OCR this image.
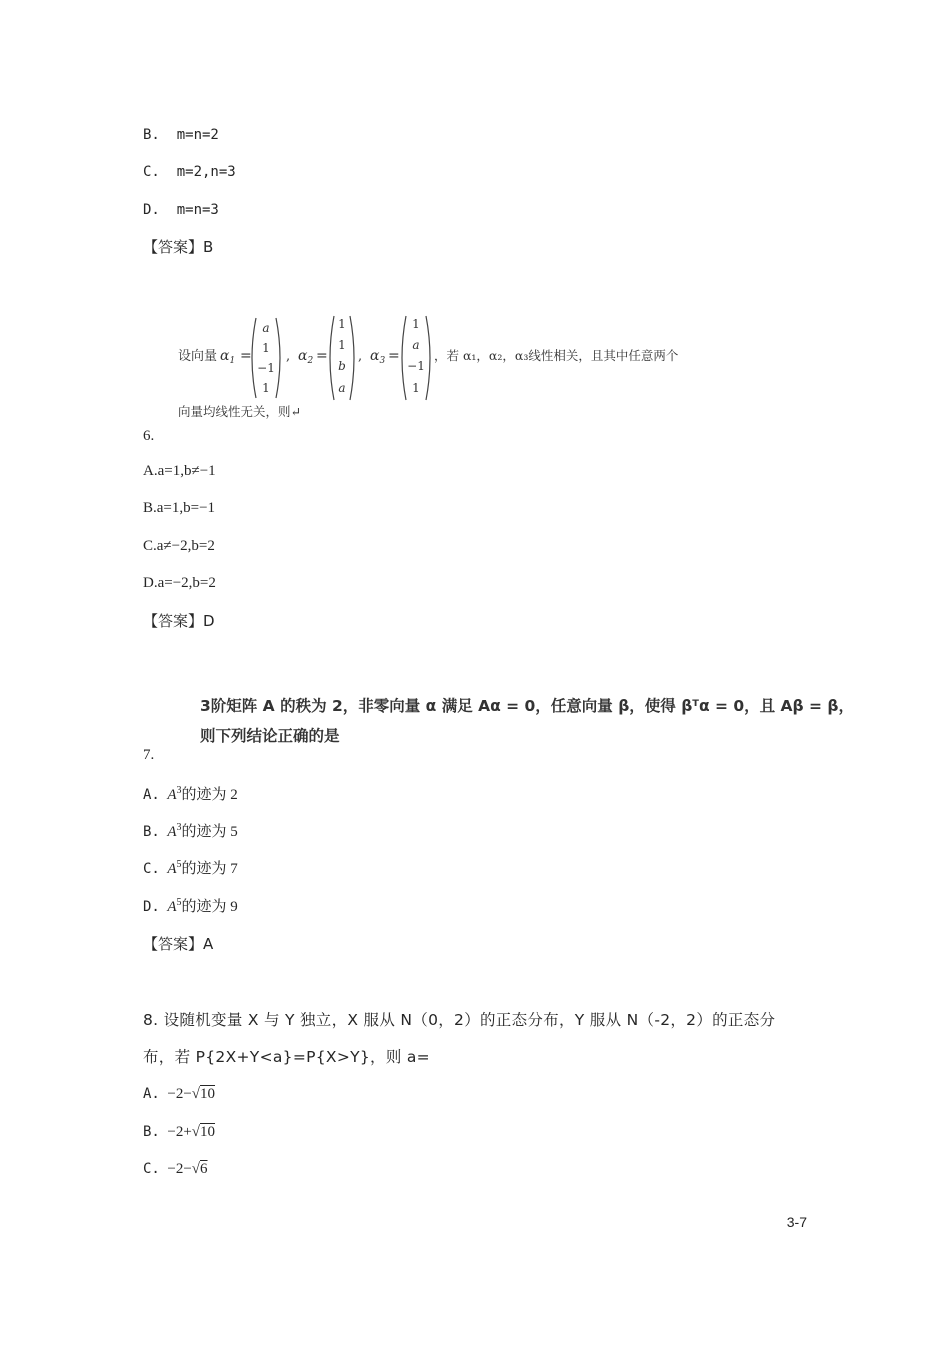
B. m=n=2
C. m=2,n=3
D. m=n=3
【答案】B
设向量 $\alpha_1$ =
a
1
−1
1
, $\alpha_2$ =
1
1
b
a
, $\alpha_3$ =
1
a
−1
1
，若 α₁，α₂，α₃线性相关，且其中任意两个
向量均线性无关，则↵
6.
A.a=1,b≠−1
B.a=1,b=−1
C.a≠−2,b=2
D.a=−2,b=2
【答案】D
3阶矩阵 A 的秩为 2，非零向量 α 满足 Aα = 0，任意向量 β，使得 βᵀα = 0，且 Aβ = β，
则下列结论正确的是
7.
A. $A^3$的迹为 2
B. $A^3$的迹为 5
C. $A^5$的迹为 7
D. $A^5$的迹为 9
【答案】A
8. 设随机变量 X 与 Y 独立，X 服从 N（0，2）的正态分布，Y 服从 N（-2，2）的正态分
布，若 P{2X+Y<a}=P{X>Y}，则 a=
A. −2−√10
B. −2+√10
C. −2−√6
3-7
